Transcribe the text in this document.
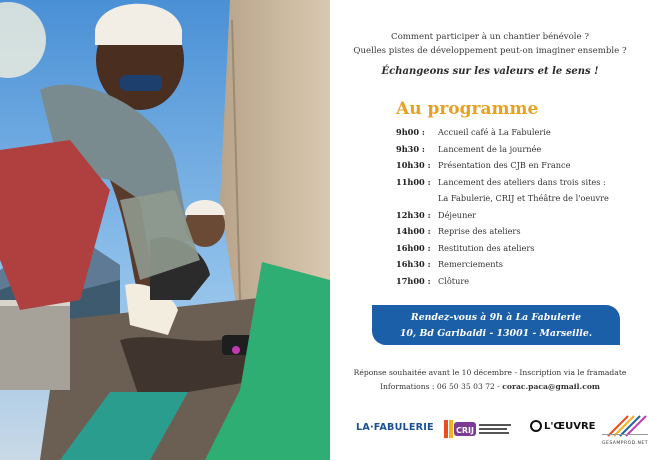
Comment participer à un chantier bénévole ?
Quelles pistes de développement peut-on imaginer ensemble ?
Échangeons sur les valeurs et le sens !
Au programme
9h00 :	Accueil café à La Fabulerie
9h30 :	Lancement de la journée
10h30 : Présentation des CJB en France
11h00 : Lancement des ateliers dans trois sites :
La Fabulerie, CRIJ et Théâtre de l'oeuvre
12h30 : Déjeuner
14h00 : Reprise des ateliers
16h00 : Restitution des ateliers
16h30 : Remerciements
17h00 : Clôture
Rendez-vous à 9h à La Fabulerie
10, Bd Garibaldi - 13001 - Marseille.
Réponse souhaitée avant le 10 décembre - Inscription via le framadate
Informations : 06 50 35 03 72 - corac.paca@gmail.com
LA·FABULERIE
	CRIJ	L'ŒUVRE
GESAMPROD.NET
